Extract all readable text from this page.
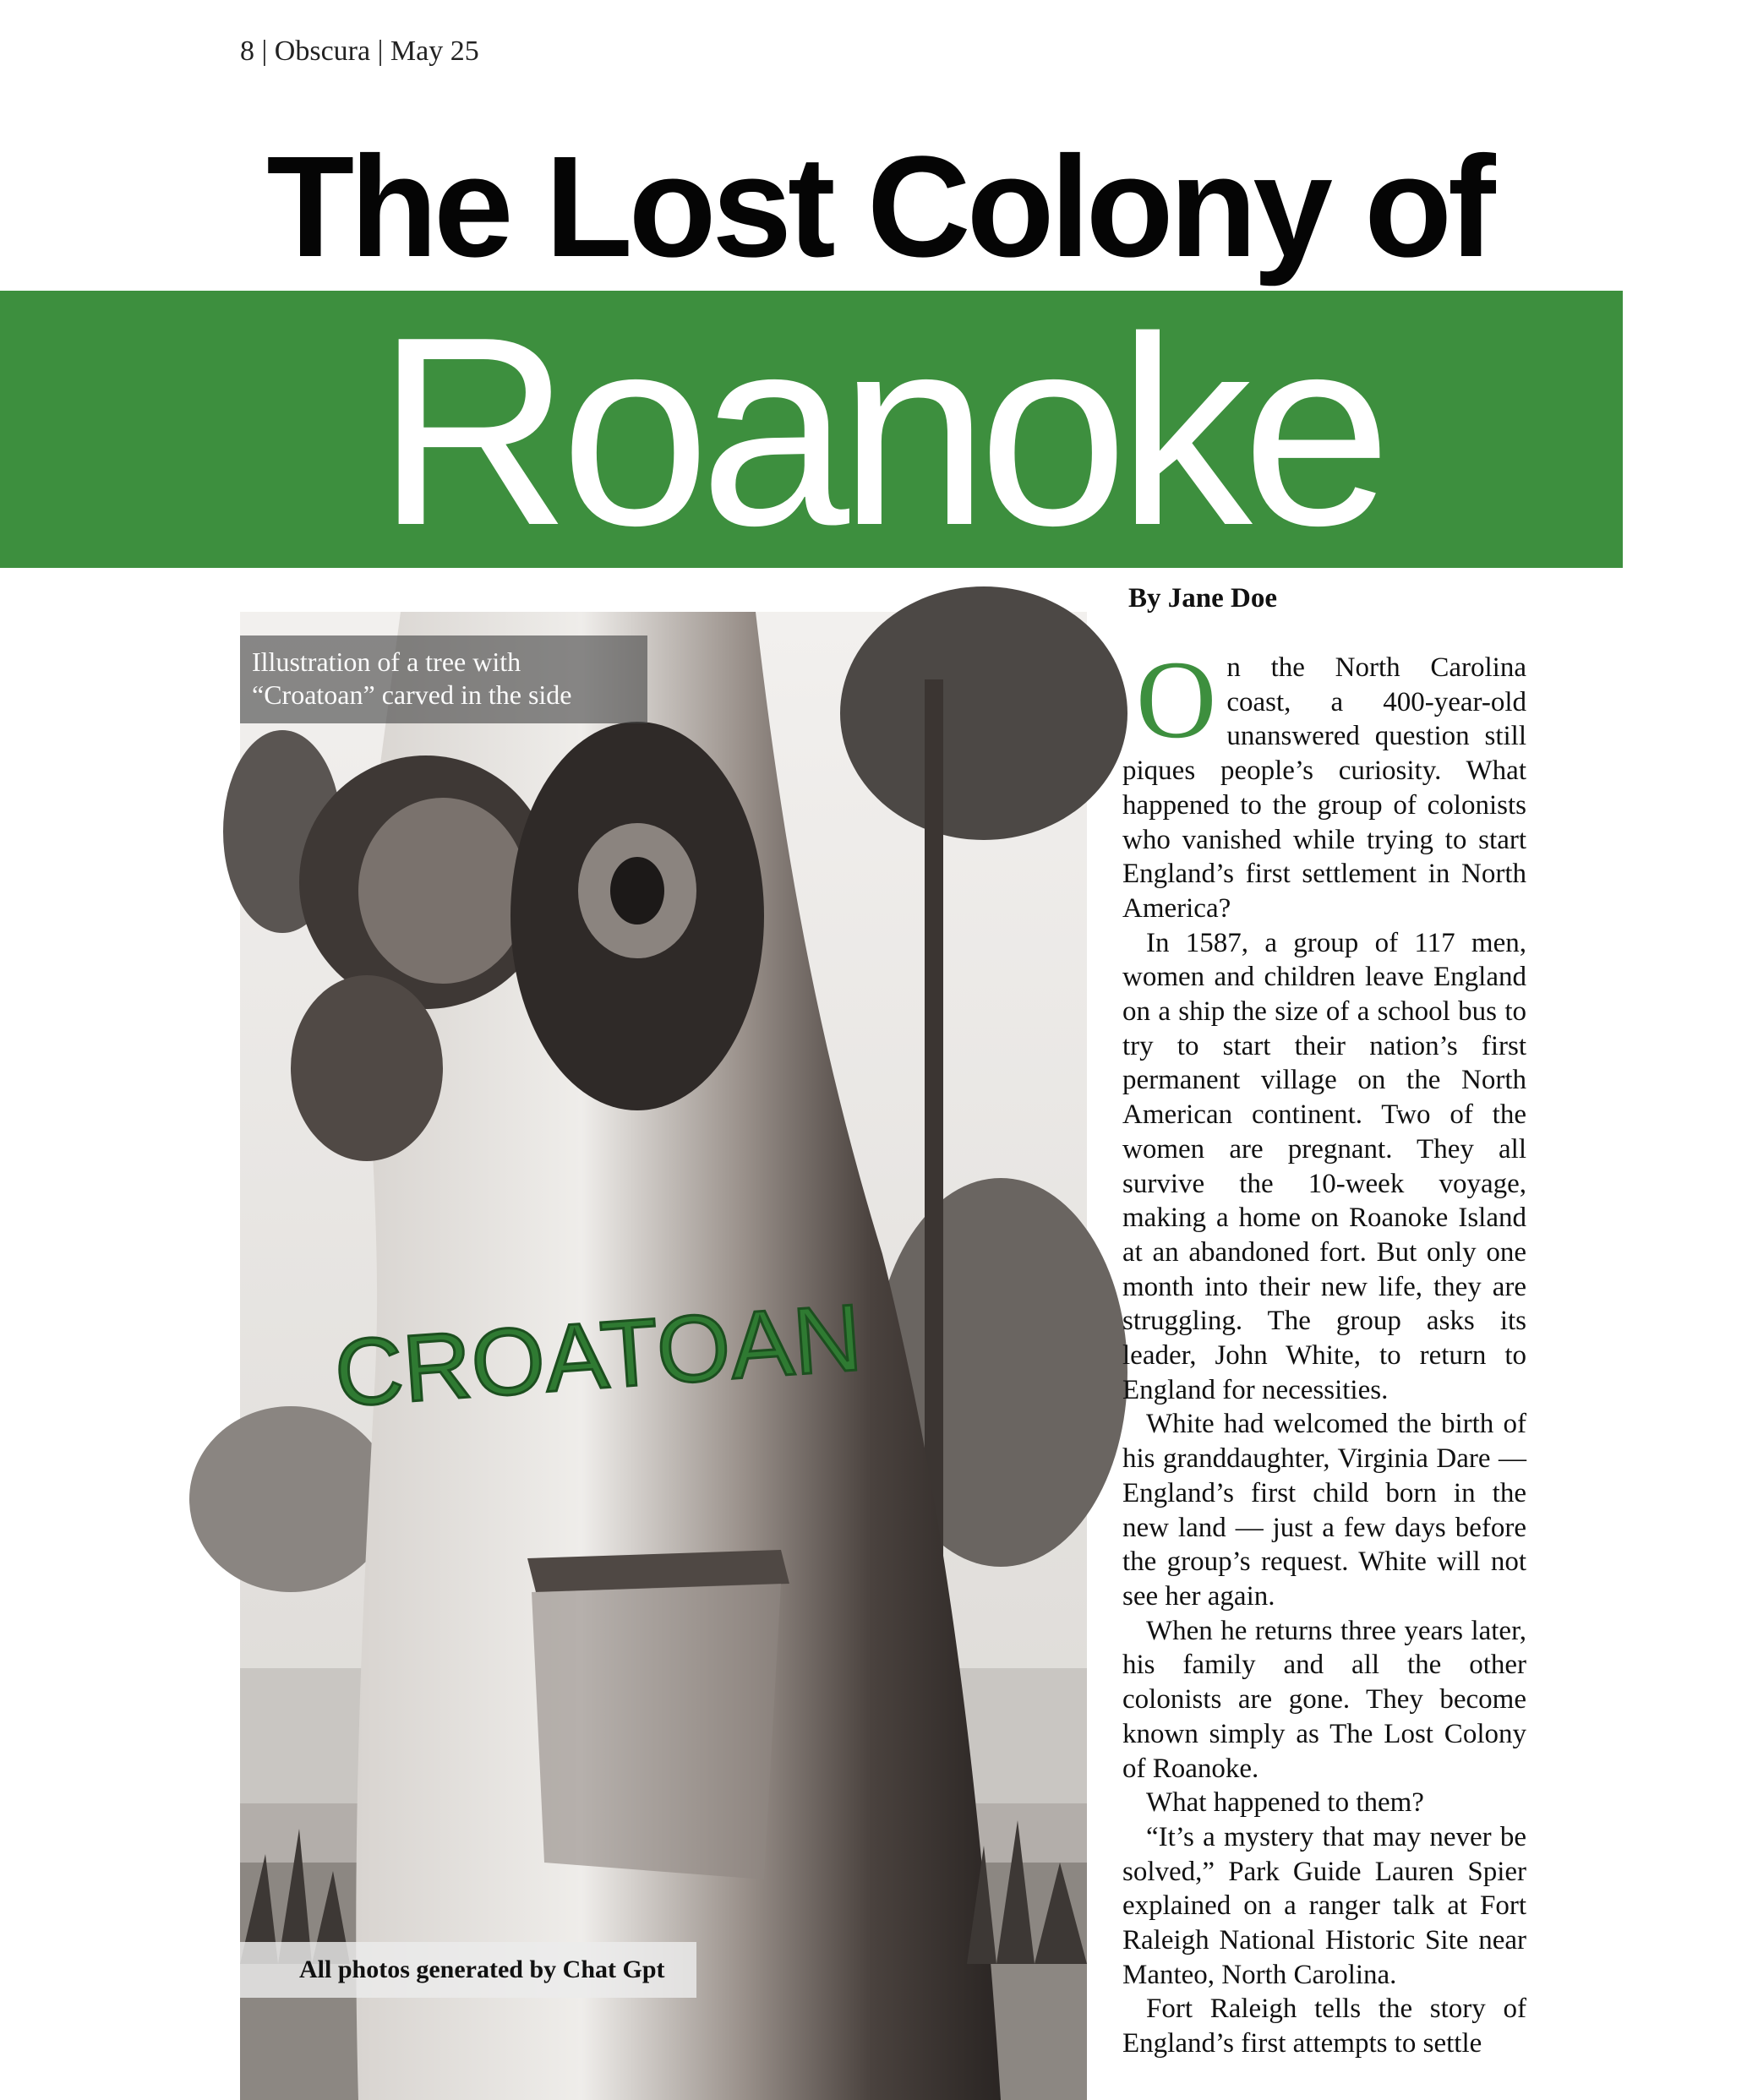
8 | Obscura | May 25
The Lost Colony of
Roanoke
CROATOAN
Illustration of a tree with “Croatoan” carved in the side
All photos generated by Chat Gpt
By Jane Doe

On the North Carolina coast, a 400-year-old unanswered question still piques people’s curiosity. What happened to the group of colonists who vanished while trying to start England’s first settlement in North America?

In 1587, a group of 117 men, women and children leave England on a ship the size of a school bus to try to start their nation’s first permanent village on the North American continent. Two of the women are pregnant. They all survive the 10-week voyage, making a home on Roanoke Island at an abandoned fort. But only one month into their new life, they are struggling. The group asks its leader, John White, to return to England for necessities.

White had welcomed the birth of his granddaughter, Virginia Dare — England’s first child born in the new land — just a few days before the group’s request. White will not see her again.

When he returns three years later, his family and all the other colonists are gone. They become known simply as The Lost Colony of Roanoke.

What happened to them?

“It’s a mystery that may never be solved,” Park Guide Lauren Spier explained on a ranger talk at Fort Raleigh National Historic Site near Manteo, North Carolina.

Fort Raleigh tells the story of England’s first attempts to settle
